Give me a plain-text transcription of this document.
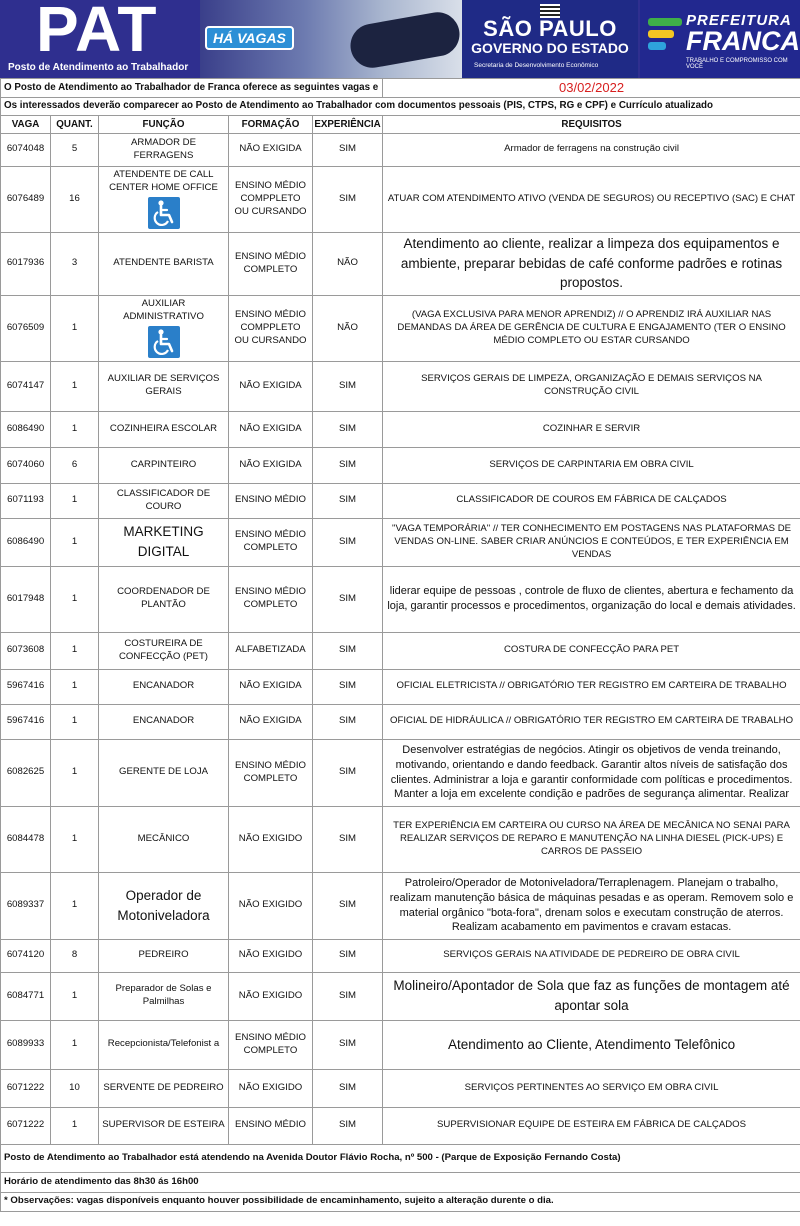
PAT
Posto de Atendimento ao Trabalhador
HÁ VAGAS	SÃO PAULO
GOVERNO DO ESTADO
Secretaria de Desenvolvimento Econômico
PREFEITURA
FRANCA
TRABALHO E COMPROMISSO COM VOCÊ
O Posto de Atendimento ao Trabalhador de Franca oferece as seguintes vagas e					03/02/2022
Os interessados deverão comparecer ao Posto de Atendimento ao Trabalhador com documentos pessoais (PIS, CTPS, RG e CPF) e Currículo atualizado					
VAGA	QUANT.	FUNÇÃO	FORMAÇÃO	EXPERIÊNCIA	REQUISITOS
6074048	5	ARMADOR DE FERRAGENS	NÃO EXIGIDA	SIM	Armador de ferragens na construção civil
6076489	16	ATENDENTE DE CALL CENTER HOME OFFICE	ENSINO MÉDIO COMPPLETO OU CURSANDO	SIM	ATUAR COM ATENDIMENTO ATIVO (VENDA DE SEGUROS) OU RECEPTIVO (SAC) E CHAT
6017936	3	ATENDENTE BARISTA	ENSINO MÉDIO COMPLETO	NÃO	Atendimento ao cliente, realizar a limpeza dos equipamentos e ambiente, preparar bebidas de café conforme padrões e rotinas propostos.
6076509	1	AUXILIAR ADMINISTRATIVO	ENSINO MÉDIO COMPPLETO OU CURSANDO	NÃO	(VAGA EXCLUSIVA PARA MENOR APRENDIZ) // O APRENDIZ IRÁ AUXILIAR NAS DEMANDAS DA ÁREA DE GERÊNCIA DE CULTURA E ENGAJAMENTO (TER O ENSINO MÉDIO COMPLETO OU ESTAR CURSANDO
6074147	1	AUXILIAR DE SERVIÇOS GERAIS	NÃO EXIGIDA	SIM	SERVIÇOS GERAIS DE LIMPEZA, ORGANIZAÇÃO E DEMAIS SERVIÇOS NA CONSTRUÇÃO CIVIL
6086490	1	COZINHEIRA ESCOLAR	NÃO EXIGIDA	SIM	COZINHAR E SERVIR
6074060	6	CARPINTEIRO	NÃO EXIGIDA	SIM	SERVIÇOS DE CARPINTARIA EM OBRA CIVIL
6071193	1	CLASSIFICADOR DE COURO	ENSINO MÉDIO	SIM	CLASSIFICADOR DE COUROS EM FÁBRICA DE CALÇADOS
6086490	1	MARKETING DIGITAL	ENSINO MÉDIO COMPLETO	SIM	"VAGA TEMPORÁRIA" // TER CONHECIMENTO EM POSTAGENS NAS PLATAFORMAS DE VENDAS ON-LINE. SABER CRIAR ANÚNCIOS E CONTEÚDOS, E TER EXPERIÊNCIA EM VENDAS
6017948	1	COORDENADOR DE PLANTÃO	ENSINO MÉDIO COMPLETO	SIM	liderar equipe de pessoas , controle de fluxo de clientes, abertura e fechamento da loja, garantir processos e procedimentos, organização do local e demais atividades.
6073608	1	COSTUREIRA DE CONFECÇÃO (PET)	ALFABETIZADA	SIM	COSTURA DE CONFECÇÃO PARA PET
5967416	1	ENCANADOR	NÃO EXIGIDA	SIM	OFICIAL ELETRICISTA // OBRIGATÓRIO TER REGISTRO EM CARTEIRA DE TRABALHO
5967416	1	ENCANADOR	NÃO EXIGIDA	SIM	OFICIAL DE HIDRÁULICA // OBRIGATÓRIO TER REGISTRO EM CARTEIRA DE TRABALHO
6082625	1	GERENTE DE LOJA	ENSINO MÉDIO COMPLETO	SIM	Desenvolver estratégias de negócios. Atingir os objetivos de venda treinando, motivando, orientando e dando feedback. Garantir altos níveis de satisfação dos clientes. Administrar a loja e garantir conformidade com políticas e procedimentos. Manter a loja em excelente condição e padrões de segurança alimentar. Realizar
6084478	1	MECÂNICO	NÃO EXIGIDO	SIM	TER EXPERIÊNCIA EM CARTEIRA OU CURSO NA ÁREA DE MECÂNICA NO SENAI PARA REALIZAR SERVIÇOS DE REPARO E MANUTENÇÃO NA LINHA DIESEL (PICK-UPS) E CARROS DE PASSEIO
6089337	1	Operador de Motoniveladora	NÃO EXIGIDO	SIM	Patroleiro/Operador de Motoniveladora/Terraplenagem. Planejam o trabalho, realizam manutenção básica de máquinas pesadas e as operam. Removem solo e material orgânico "bota-fora", drenam solos e executam construção de aterros. Realizam acabamento em pavimentos e cravam estacas.
6074120	8	PEDREIRO	NÃO EXIGIDO	SIM	SERVIÇOS GERAIS NA ATIVIDADE DE PEDREIRO DE OBRA CIVIL
6084771	1	Preparador de Solas e Palmilhas	NÃO EXIGIDO	SIM	Molineiro/Apontador de Sola que faz as funções de montagem até apontar sola
6089933	1	Recepcionista/Telefonist a	ENSINO MÉDIO COMPLETO	SIM	Atendimento ao Cliente, Atendimento Telefônico
6071222	10	SERVENTE DE PEDREIRO	NÃO EXIGIDO	SIM	SERVIÇOS PERTINENTES AO SERVIÇO EM OBRA CIVIL
6071222	1	SUPERVISOR DE ESTEIRA	ENSINO MÉDIO	SIM	SUPERVISIONAR EQUIPE DE ESTEIRA EM FÁBRICA DE CALÇADOS
Posto de Atendimento ao Trabalhador está atendendo na Avenida Doutor Flávio Rocha, nº 500 - (Parque de Exposição Fernando Costa)					
Horário de atendimento das 8h30 ás 16h00					
* Observações: vagas disponíveis enquanto houver possibilidade de encaminhamento, sujeito a alteração durente o dia.					
